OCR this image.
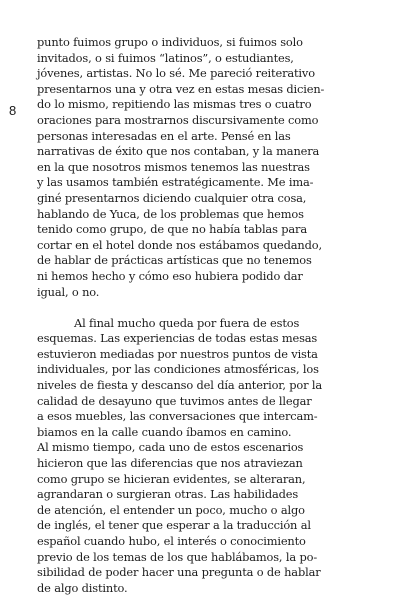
8
punto fuimos grupo o individuos, si fuimos solo
invitados, o si fuimos “latinos”, o estudiantes,
jóvenes, artistas. No lo sé. Me pareció reiterativo
presentarnos una y otra vez en estas mesas dicien-
do lo mismo, repitiendo las mismas tres o cuatro
oraciones para mostrarnos discursivamente como
personas interesadas en el arte. Pensé en las
narrativas de éxito que nos contaban, y la manera
en la que nosotros mismos tenemos las nuestras
y las usamos también estratégicamente. Me ima-
giné presentarnos diciendo cualquier otra cosa,
hablando de Yuca, de los problemas que hemos
tenido como grupo, de que no había tablas para
cortar en el hotel donde nos estábamos quedando,
de hablar de prácticas artísticas que no tenemos
ni hemos hecho y cómo eso hubiera podido dar
igual, o no.
Al final mucho queda por fuera de estos
esquemas. Las experiencias de todas estas mesas
estuvieron mediadas por nuestros puntos de vista
individuales, por las condiciones atmosféricas, los
niveles de fiesta y descanso del día anterior, por la
calidad de desayuno que tuvimos antes de llegar
a esos muebles, las conversaciones que intercam-
biamos en la calle cuando íbamos en camino.
Al mismo tiempo, cada uno de estos escenarios
hicieron que las diferencias que nos atraviezan
como grupo se hicieran evidentes, se alteraran,
agrandaran o surgieran otras. Las habilidades
de atención, el entender un poco, mucho o algo
de inglés, el tener que esperar a la traducción al
español cuando hubo, el interés o conocimiento
previo de los temas de los que hablábamos, la po-
sibilidad de poder hacer una pregunta o de hablar
de algo distinto.
